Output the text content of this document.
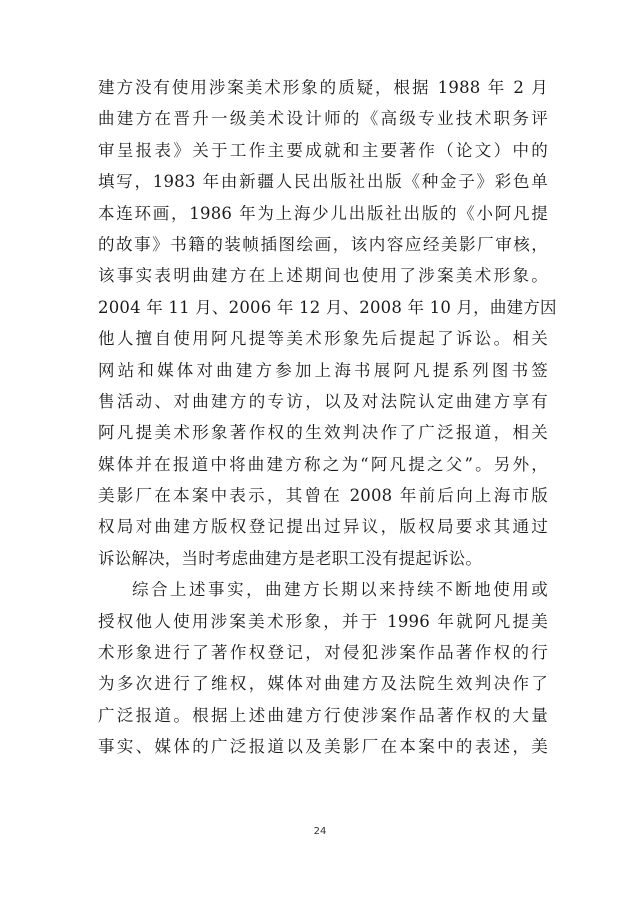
建方没有使用涉案美术形象的质疑，根据 1988 年 2 月
曲建方在晋升一级美术设计师的《高级专业技术职务评
审呈报表》关于工作主要成就和主要著作（论文）中的
填写，1983 年由新疆人民出版社出版《种金子》彩色单
本连环画，1986 年为上海少儿出版社出版的《小阿凡提
的故事》书籍的装帧插图绘画，该内容应经美影厂审核，
该事实表明曲建方在上述期间也使用了涉案美术形象。
2004 年 11 月、2006 年 12 月、2008 年 10 月，曲建方因
他人擅自使用阿凡提等美术形象先后提起了诉讼。相关
网站和媒体对曲建方参加上海书展阿凡提系列图书签
售活动、对曲建方的专访，以及对法院认定曲建方享有
阿凡提美术形象著作权的生效判决作了广泛报道，相关
媒体并在报道中将曲建方称之为“阿凡提之父”。另外，
美影厂在本案中表示，其曾在 2008 年前后向上海市版
权局对曲建方版权登记提出过异议，版权局要求其通过
诉讼解决，当时考虑曲建方是老职工没有提起诉讼。
综合上述事实，曲建方长期以来持续不断地使用或
授权他人使用涉案美术形象，并于 1996 年就阿凡提美
术形象进行了著作权登记，对侵犯涉案作品著作权的行
为多次进行了维权，媒体对曲建方及法院生效判决作了
广泛报道。根据上述曲建方行使涉案作品著作权的大量
事实、媒体的广泛报道以及美影厂在本案中的表述，美
24
